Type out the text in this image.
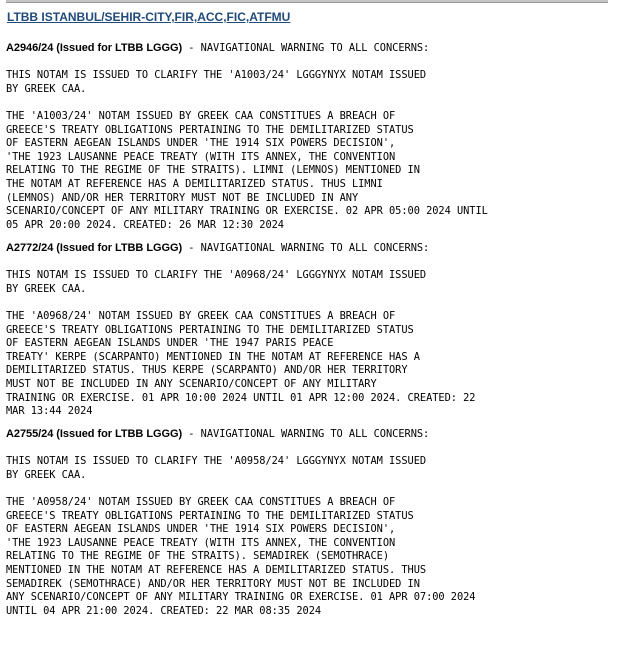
LTBB ISTANBUL/SEHIR-CITY,FIR,ACC,FIC,ATFMU
A2946/24 (Issued for LTBB LGGG) - NAVIGATIONAL WARNING TO ALL CONCERNS:

THIS NOTAM IS ISSUED TO CLARIFY THE 'A1003/24' LGGGYNYX NOTAM ISSUED
BY GREEK CAA.

THE 'A1003/24' NOTAM ISSUED BY GREEK CAA CONSTITUES A BREACH OF
GREECE'S TREATY OBLIGATIONS PERTAINING TO THE DEMILITARIZED STATUS
OF EASTERN AEGEAN ISLANDS UNDER 'THE 1914 SIX POWERS DECISION',
'THE 1923 LAUSANNE PEACE TREATY (WITH ITS ANNEX, THE CONVENTION
RELATING TO THE REGIME OF THE STRAITS). LIMNI (LEMNOS) MENTIONED IN
THE NOTAM AT REFERENCE HAS A DEMILITARIZED STATUS. THUS LIMNI
(LEMNOS) AND/OR HER TERRITORY MUST NOT BE INCLUDED IN ANY
SCENARIO/CONCEPT OF ANY MILITARY TRAINING OR EXERCISE. 02 APR 05:00 2024 UNTIL
05 APR 20:00 2024. CREATED: 26 MAR 12:30 2024
A2772/24 (Issued for LTBB LGGG) - NAVIGATIONAL WARNING TO ALL CONCERNS:

THIS NOTAM IS ISSUED TO CLARIFY THE 'A0968/24' LGGGYNYX NOTAM ISSUED
BY GREEK CAA.

THE 'A0968/24' NOTAM ISSUED BY GREEK CAA CONSTITUES A BREACH OF
GREECE'S TREATY OBLIGATIONS PERTAINING TO THE DEMILITARIZED STATUS
OF EASTERN AEGEAN ISLANDS UNDER 'THE 1947 PARIS PEACE
TREATY' KERPE (SCARPANTO) MENTIONED IN THE NOTAM AT REFERENCE HAS A
DEMILITARIZED STATUS. THUS KERPE (SCARPANTO) AND/OR HER TERRITORY
MUST NOT BE INCLUDED IN ANY SCENARIO/CONCEPT OF ANY MILITARY
TRAINING OR EXERCISE. 01 APR 10:00 2024 UNTIL 01 APR 12:00 2024. CREATED: 22
MAR 13:44 2024
A2755/24 (Issued for LTBB LGGG) - NAVIGATIONAL WARNING TO ALL CONCERNS:

THIS NOTAM IS ISSUED TO CLARIFY THE 'A0958/24' LGGGYNYX NOTAM ISSUED
BY GREEK CAA.

THE 'A0958/24' NOTAM ISSUED BY GREEK CAA CONSTITUES A BREACH OF
GREECE'S TREATY OBLIGATIONS PERTAINING TO THE DEMILITARIZED STATUS
OF EASTERN AEGEAN ISLANDS UNDER 'THE 1914 SIX POWERS DECISION',
'THE 1923 LAUSANNE PEACE TREATY (WITH ITS ANNEX, THE CONVENTION
RELATING TO THE REGIME OF THE STRAITS). SEMADIREK (SEMOTHRACE)
MENTIONED IN THE NOTAM AT REFERENCE HAS A DEMILITARIZED STATUS. THUS
SEMADIREK (SEMOTHRACE) AND/OR HER TERRITORY MUST NOT BE INCLUDED IN
ANY SCENARIO/CONCEPT OF ANY MILITARY TRAINING OR EXERCISE. 01 APR 07:00 2024
UNTIL 04 APR 21:00 2024. CREATED: 22 MAR 08:35 2024
